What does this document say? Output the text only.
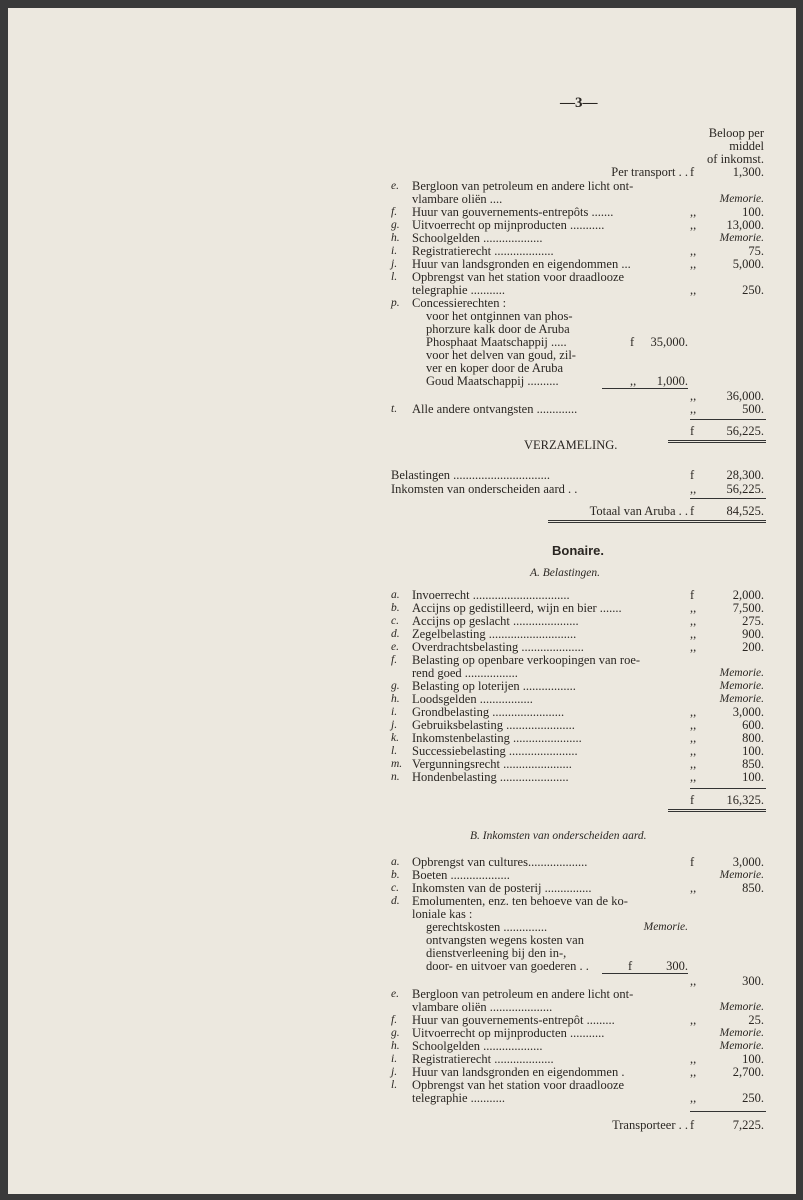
—3—
Beloop per
middel
of inkomst.
Per transport . . f	1,300.
e. Bergloon van petroleum en andere licht ont-
vlambare oliën ....	Memorie.
f. Huur van gouvernements-entrepôts .......	,,	100.
g. Uitvoerrecht op mijnproducten ...........	,,	13,000.
h. Schoolgelden ...................	Memorie.
i. Registratierecht ...................	,,	75.
j. Huur van landsgronden en eigendommen ...	,,	5,000.
l. Opbrengst van het station voor draadlooze
telegraphie ...........	,,	250.
p. Concessierechten :
voor het ontginnen van phos-
phorzure kalk door de Aruba
Phosphaat Maatschappij .....	f	35,000.
voor het delven van goud, zil-
ver en koper door de Aruba
Goud Maatschappij ..........	,,	1,000.
,,	36,000.
t. Alle andere ontvangsten .............	,,	500.
f	56,225.
VERZAMELING.
Belastingen ...............................	f	28,300.
Inkomsten van onderscheiden aard . .	,,	56,225.
Totaal van Aruba . . f	84,525.
Bonaire.
A. Belastingen.
a. Invoerrecht ...............................	f	2,000.
b. Accijns op gedistilleerd, wijn en bier .......	,,	7,500.
c. Accijns op geslacht .....................	,,	275.
d. Zegelbelasting ............................	,,	900.
e. Overdrachtsbelasting ....................	,,	200.
f. Belasting op openbare verkoopingen van roe-
rend goed .................	Memorie.
g. Belasting op loterijen .................	Memorie.
h. Loodsgelden .................	Memorie.
i. Grondbelasting .......................	,,	3,000.
j. Gebruiksbelasting ......................	,,	600.
k. Inkomstenbelasting ......................	,,	800.
l. Successiebelasting ......................	,,	100.
m. Vergunningsrecht ......................	,,	850.
n. Hondenbelasting ......................	,,	100.
f	16,325.
B. Inkomsten van onderscheiden aard.
a. Opbrengst van cultures...................	f	3,000.
b. Boeten ...................	Memorie.
c. Inkomsten van de posterij ...............	,,	850.
d. Emolumenten, enz. ten behoeve van de ko-
loniale kas :
gerechtskosten ..............	Memorie.
ontvangsten wegens kosten van
dienstverleening bij den in-,
door- en uitvoer van goederen . .	f	300.
,,	300.
e. Bergloon van petroleum en andere licht ont-
vlambare oliën ....................	Memorie.
f. Huur van gouvernements-entrepôt .........	,,	25.
g. Uitvoerrecht op mijnproducten ...........	Memorie.
h. Schoolgelden ...................	Memorie.
i. Registratierecht ...................	,,	100.
j. Huur van landsgronden en eigendommen .	,,	2,700.
l. Opbrengst van het station voor draadlooze
telegraphie ...........	,,	250.
Transporteer . . f	7,225.
